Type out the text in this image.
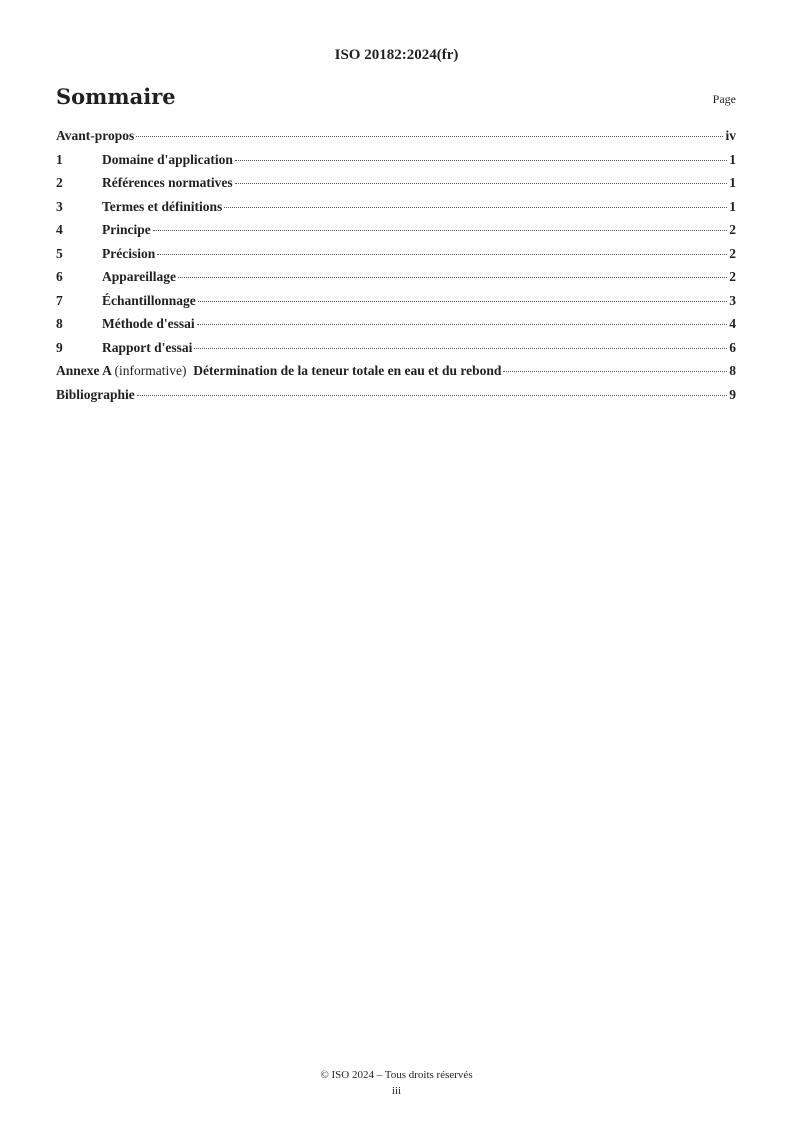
ISO 20182:2024(fr)
Sommaire	Page
Avant-propos	iv
1	Domaine d'application	1
2	Références normatives	1
3	Termes et définitions	1
4	Principe	2
5	Précision	2
6	Appareillage	2
7	Échantillonnage	3
8	Méthode d'essai	4
9	Rapport d'essai	6
Annexe A (informative) Détermination de la teneur totale en eau et du rebond	8
Bibliographie	9
© ISO 2024 – Tous droits réservés
iii
